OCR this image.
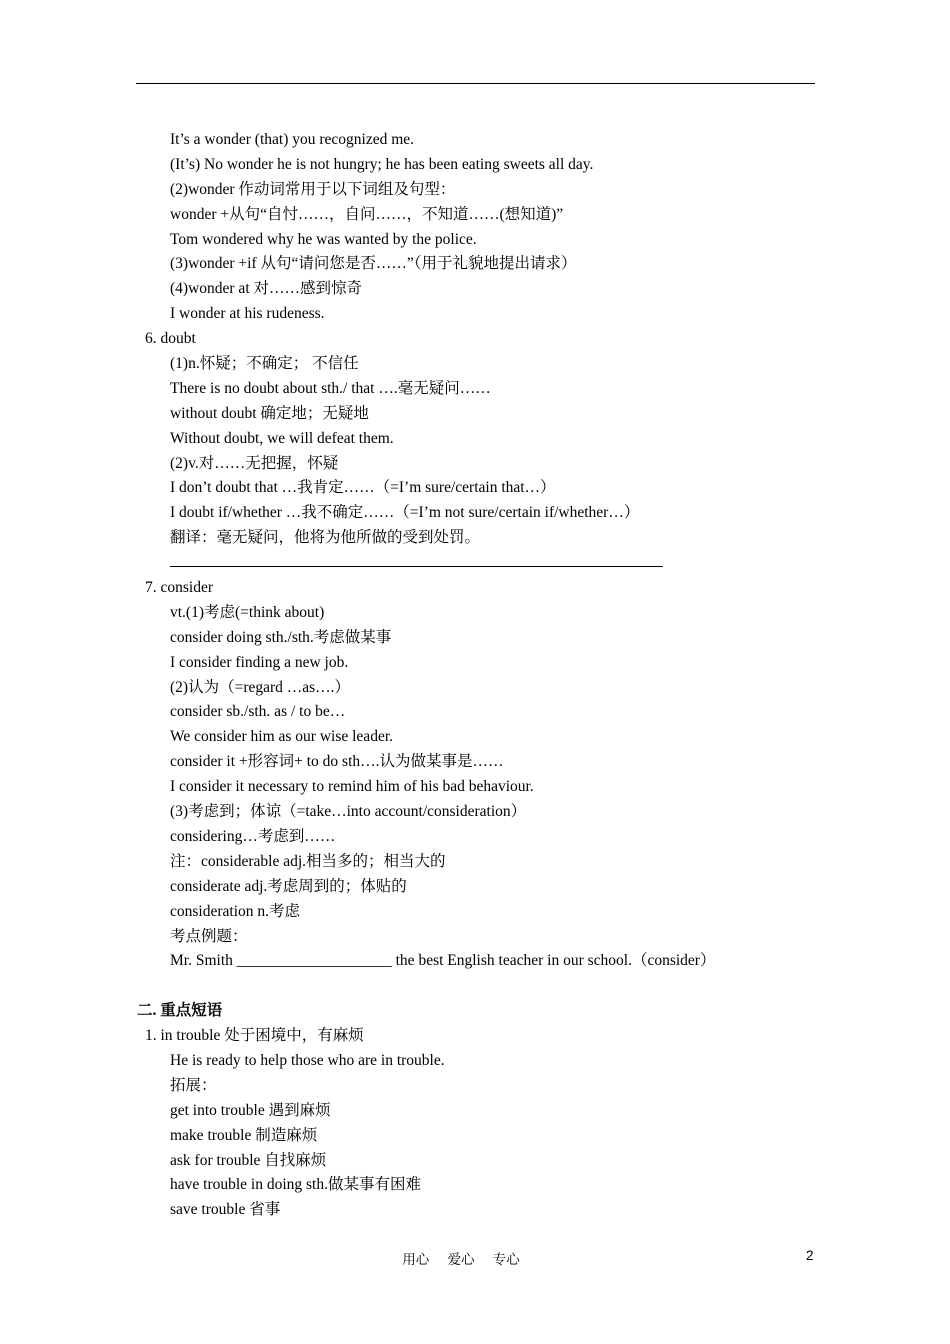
It’s a wonder (that) you recognized me.
(It’s) No wonder he is not hungry; he has been eating sweets all day.
(2)wonder 作动词常用于以下词组及句型：
wonder +从句“自忖……，自问……，不知道……(想知道)”
Tom wondered why he was wanted by the police.
(3)wonder +if 从句“请问您是否……”（用于礼貌地提出请求）
(4)wonder at 对……感到惊奇
I wonder at his rudeness.
6. doubt
(1)n.怀疑；不确定； 不信任
There is no doubt about sth./ that ….毫无疑问……
without doubt 确定地；无疑地
Without doubt, we will defeat them.
(2)v.对……无把握，怀疑
I don’t doubt that …我肯定……（=I’m sure/certain that…）
I doubt if/whether …我不确定……（=I’m not sure/certain if/whether…）
翻译：毫无疑问，他将为他所做的受到处罚。
7. consider
vt.(1)考虑(=think about)
consider doing sth./sth.考虑做某事
I consider finding a new job.
(2)认为（=regard …as….）
consider sb./sth. as / to be…
We consider him as our wise leader.
consider it +形容词+ to do sth….认为做某事是……
I consider it necessary to remind him of his bad behaviour.
(3)考虑到；体谅（=take…into account/consideration）
considering…考虑到……
注：considerable adj.相当多的；相当大的
considerate adj.考虑周到的；体贴的
consideration n.考虑
考点例题：
Mr. Smith ____________________ the best English teacher in our school.（consider）
二. 重点短语
1. in trouble 处于困境中，有麻烦
He is ready to help those who are in trouble.
拓展：
get into trouble 遇到麻烦
make trouble 制造麻烦
ask for trouble 自找麻烦
have trouble in doing sth.做某事有困难
save trouble 省事
用心 爱心 专心	2
